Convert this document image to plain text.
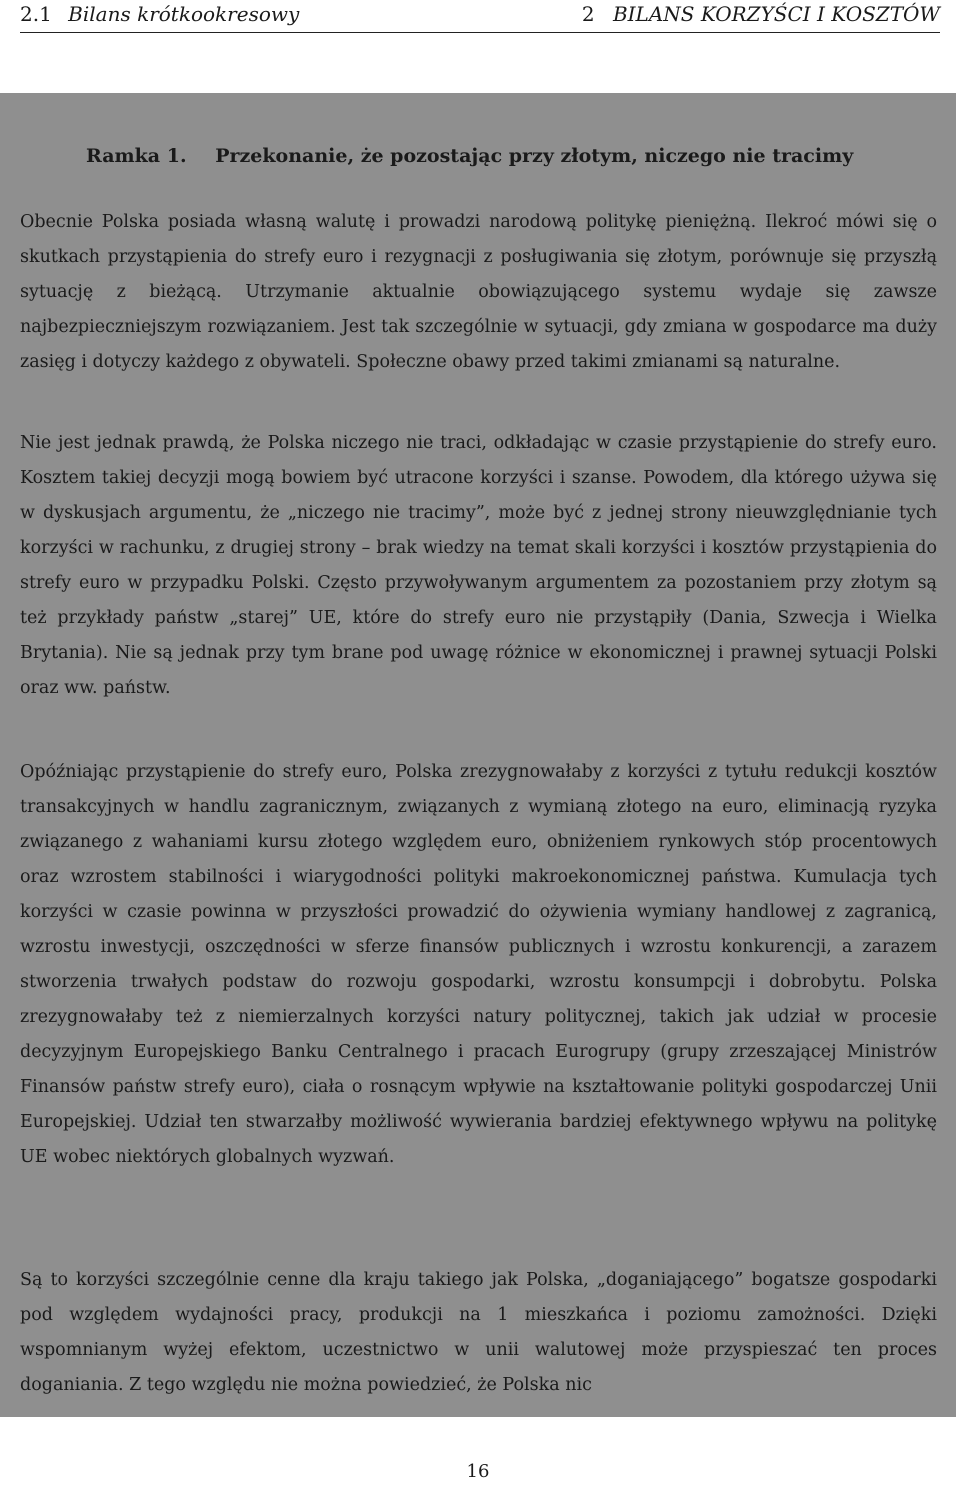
2.1 Bilans krótkookresowy	2 BILANS KORZYŚCI I KOSZTÓW
Ramka 1. Przekonanie, że pozostając przy złotym, niczego nie tracimy

Obecnie Polska posiada własną walutę i prowadzi narodową politykę pieniężną. Ilekroć mówi się o skutkach przystąpienia do strefy euro i rezygnacji z posługiwania się złotym, porównuje się przyszłą sytuację z bieżącą. Utrzymanie aktualnie obowiązującego systemu wydaje się zawsze najbezpieczniejszym rozwiązaniem. Jest tak szczególnie w sytuacji, gdy zmiana w gospodarce ma duży zasięg i dotyczy każdego z obywateli. Społeczne obawy przed takimi zmianami są naturalne.

Nie jest jednak prawdą, że Polska niczego nie traci, odkładając w czasie przystąpienie do strefy euro. Kosztem takiej decyzji mogą bowiem być utracone korzyści i szanse. Powodem, dla którego używa się w dyskusjach argumentu, że „niczego nie tracimy”, może być z jednej strony nieuwzględnianie tych korzyści w rachunku, z drugiej strony – brak wiedzy na temat skali korzyści i kosztów przystąpienia do strefy euro w przypadku Polski. Często przywoływanym argumentem za pozostaniem przy złotym są też przykłady państw „starej” UE, które do strefy euro nie przystąpiły (Dania, Szwecja i Wielka Brytania). Nie są jednak przy tym brane pod uwagę różnice w ekonomicznej i prawnej sytuacji Polski oraz ww. państw.

Opóźniając przystąpienie do strefy euro, Polska zrezygnowałaby z korzyści z tytułu redukcji kosztów transakcyjnych w handlu zagranicznym, związanych z wymianą złotego na euro, eliminacją ryzyka związanego z wahaniami kursu złotego względem euro, obniżeniem rynkowych stóp procentowych oraz wzrostem stabilności i wiarygodności polityki makroekonomicznej państwa. Kumulacja tych korzyści w czasie powinna w przyszłości prowadzić do ożywienia wymiany handlowej z zagranicą, wzrostu inwestycji, oszczędności w sferze finansów publicznych i wzrostu konkurencji, a zarazem stworzenia trwałych podstaw do rozwoju gospodarki, wzrostu konsumpcji i dobrobytu. Polska zrezygnowałaby też z niemierzalnych korzyści natury politycznej, takich jak udział w procesie decyzyjnym Europejskiego Banku Centralnego i pracach Eurogrupy (grupy zrzeszającej Ministrów Finansów państw strefy euro), ciała o rosnącym wpływie na kształtowanie polityki gospodarczej Unii Europejskiej. Udział ten stwarzałby możliwość wywierania bardziej efektywnego wpływu na politykę UE wobec niektórych globalnych wyzwań.

Są to korzyści szczególnie cenne dla kraju takiego jak Polska, „doganiającego” bogatsze gospodarki pod względem wydajności pracy, produkcji na 1 mieszkańca i poziomu zamożności. Dzięki wspomnianym wyżej efektom, uczestnictwo w unii walutowej może przyspieszać ten proces doganiania. Z tego względu nie można powiedzieć, że Polska nic

16
